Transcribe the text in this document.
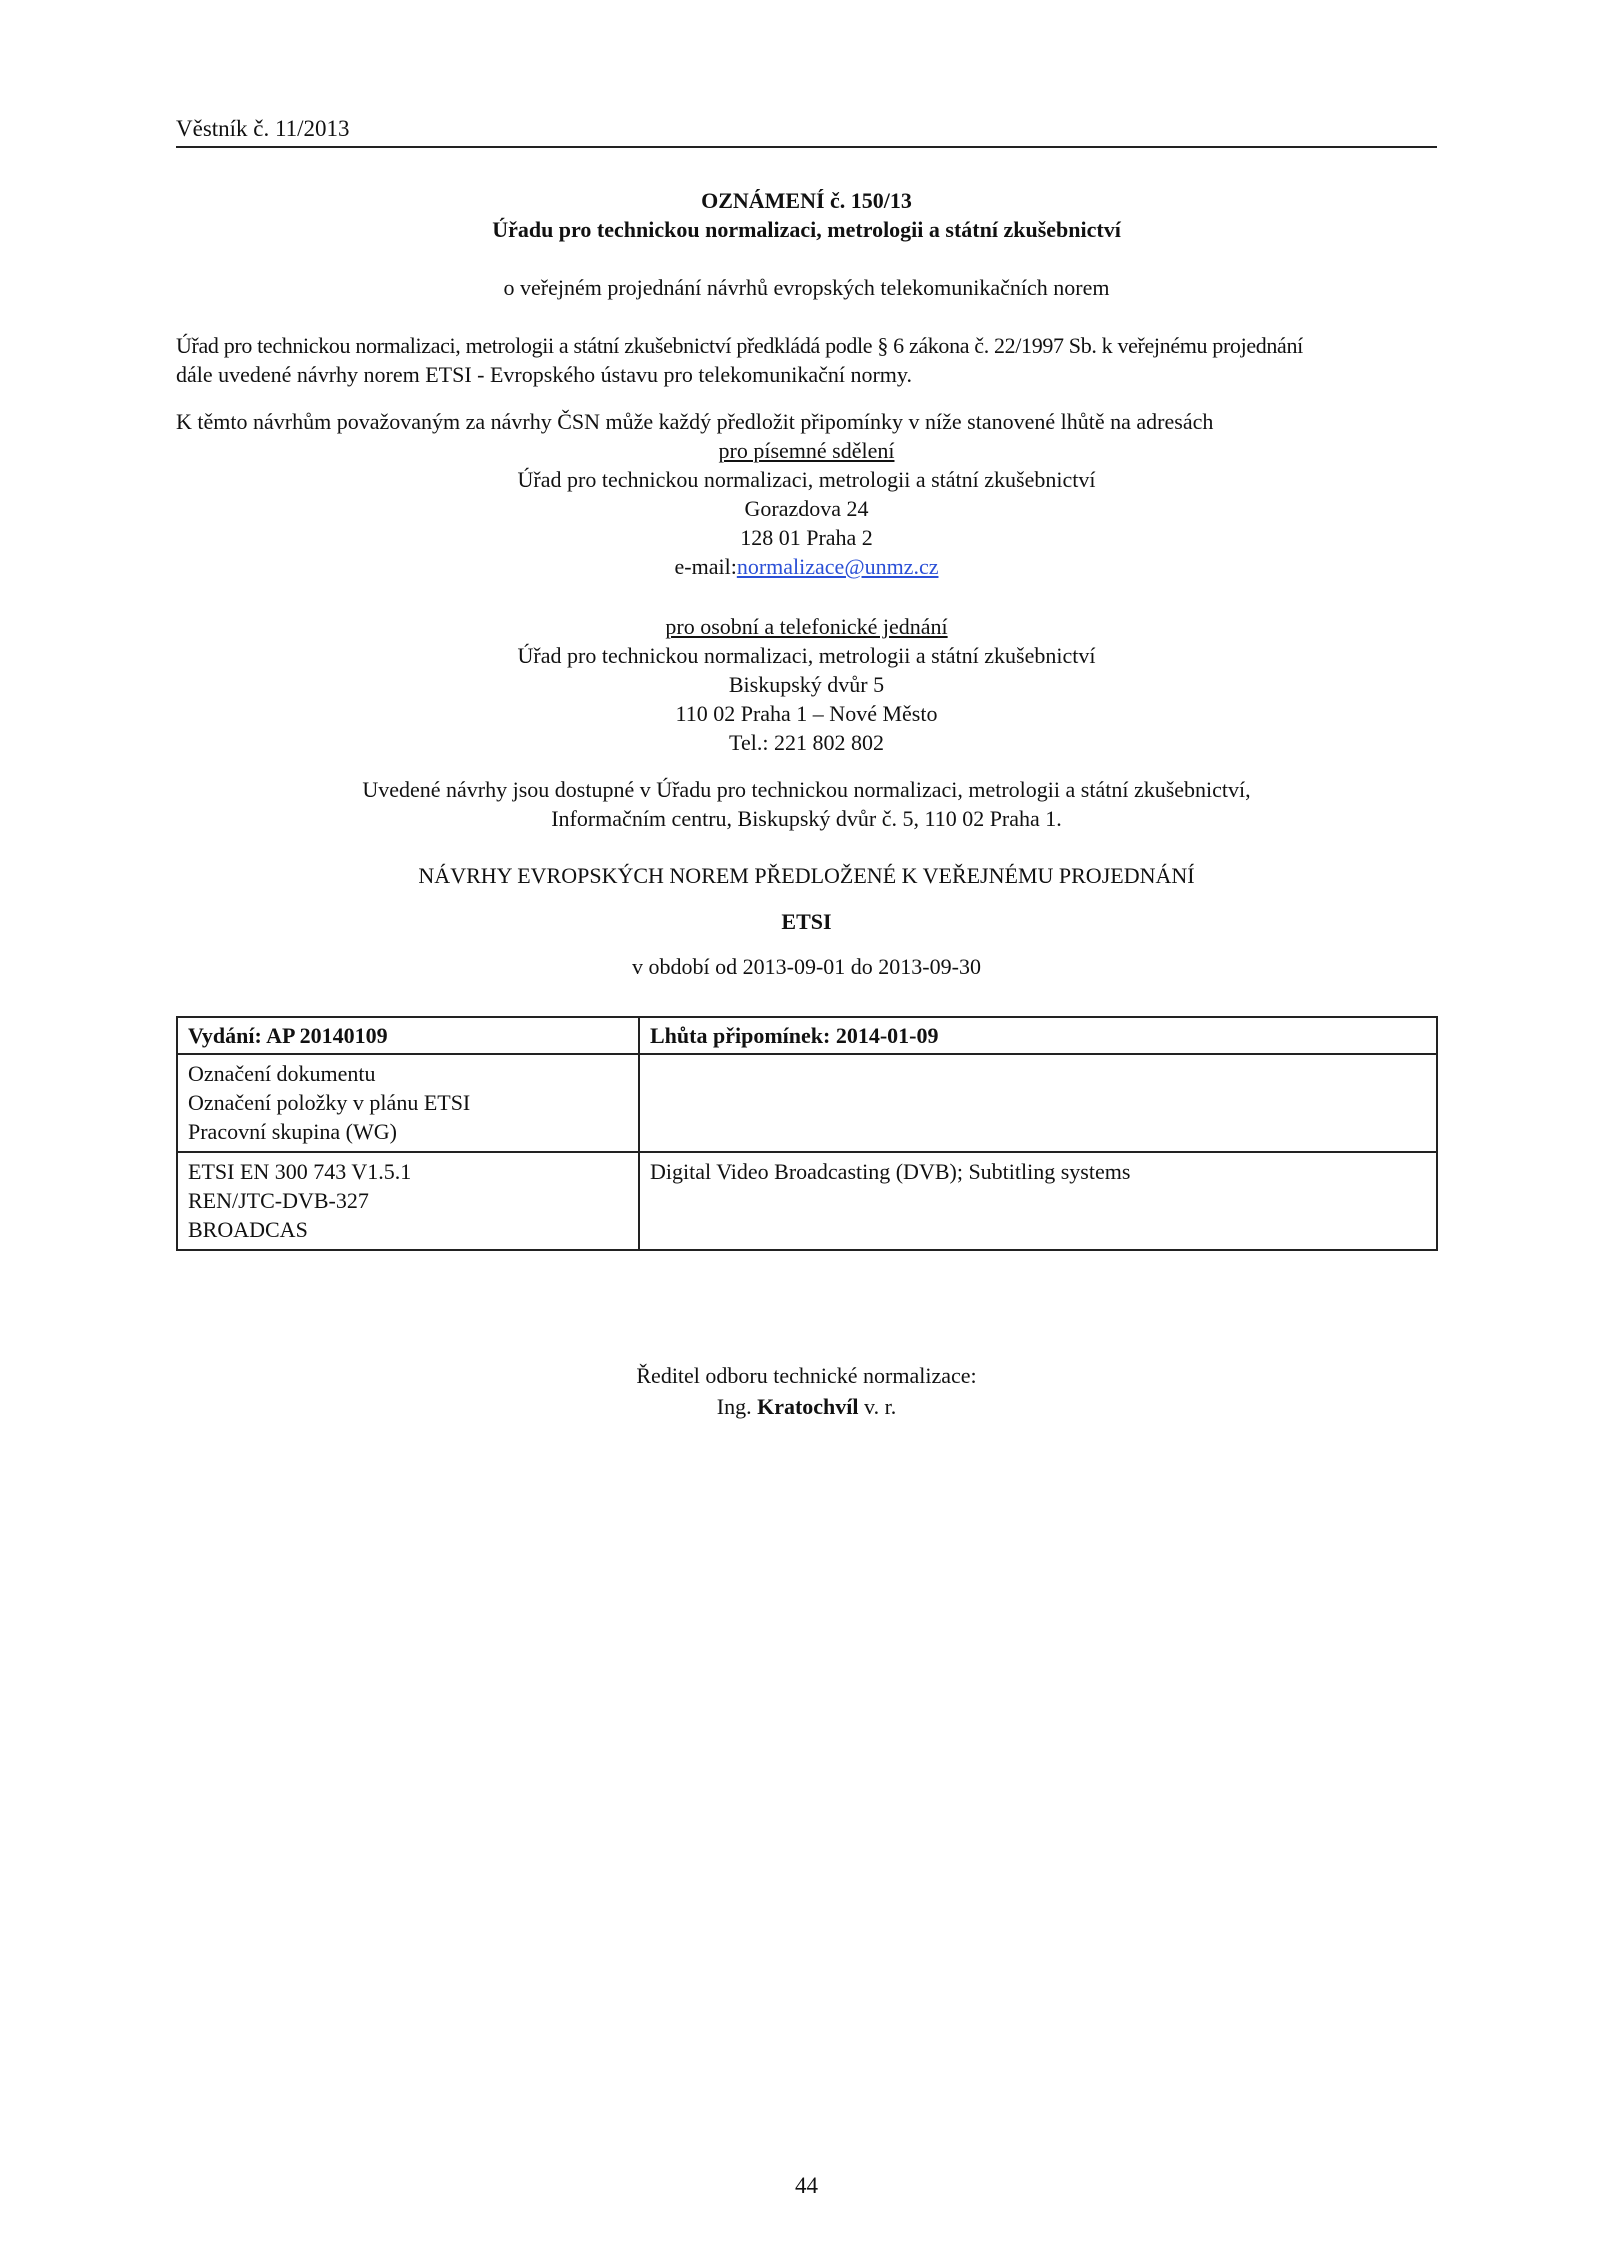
Věstník č. 11/2013
OZNÁMENÍ č. 150/13
Úřadu pro technickou normalizaci, metrologii a státní zkušebnictví
o veřejném projednání návrhů evropských telekomunikačních norem
Úřad pro technickou normalizaci, metrologii a státní zkušebnictví předkládá podle § 6 zákona č. 22/1997 Sb. k veřejnému projednání
dále uvedené návrhy norem ETSI - Evropského ústavu pro telekomunikační normy.
K těmto návrhům považovaným za návrhy ČSN může každý předložit připomínky v níže stanovené lhůtě na adresách
pro písemné sdělení
Úřad pro technickou normalizaci, metrologii a státní zkušebnictví
Gorazdova 24
128 01 Praha 2
e-mail:normalizace@unmz.cz
pro osobní a telefonické jednání
Úřad pro technickou normalizaci, metrologii a státní zkušebnictví
Biskupský dvůr 5
110 02 Praha 1 – Nové Město
Tel.: 221 802 802
Uvedené návrhy jsou dostupné v Úřadu pro technickou normalizaci, metrologii a státní zkušebnictví,
Informačním centru, Biskupský dvůr č. 5, 110 02 Praha 1.
NÁVRHY EVROPSKÝCH NOREM PŘEDLOŽENÉ K VEŘEJNÉMU PROJEDNÁNÍ
ETSI
v období od 2013-09-01 do 2013-09-30
Vydání: AP 20140109	Lhůta připomínek: 2014-01-09

Označení dokumentu
Označení položky v plánu ETSI
Pracovní skupina (WG)	

ETSI EN 300 743 V1.5.1
REN/JTC-DVB-327
BROADCAS	Digital Video Broadcasting (DVB); Subtitling systems
Ředitel odboru technické normalizace:
Ing. Kratochvíl v. r.
44
